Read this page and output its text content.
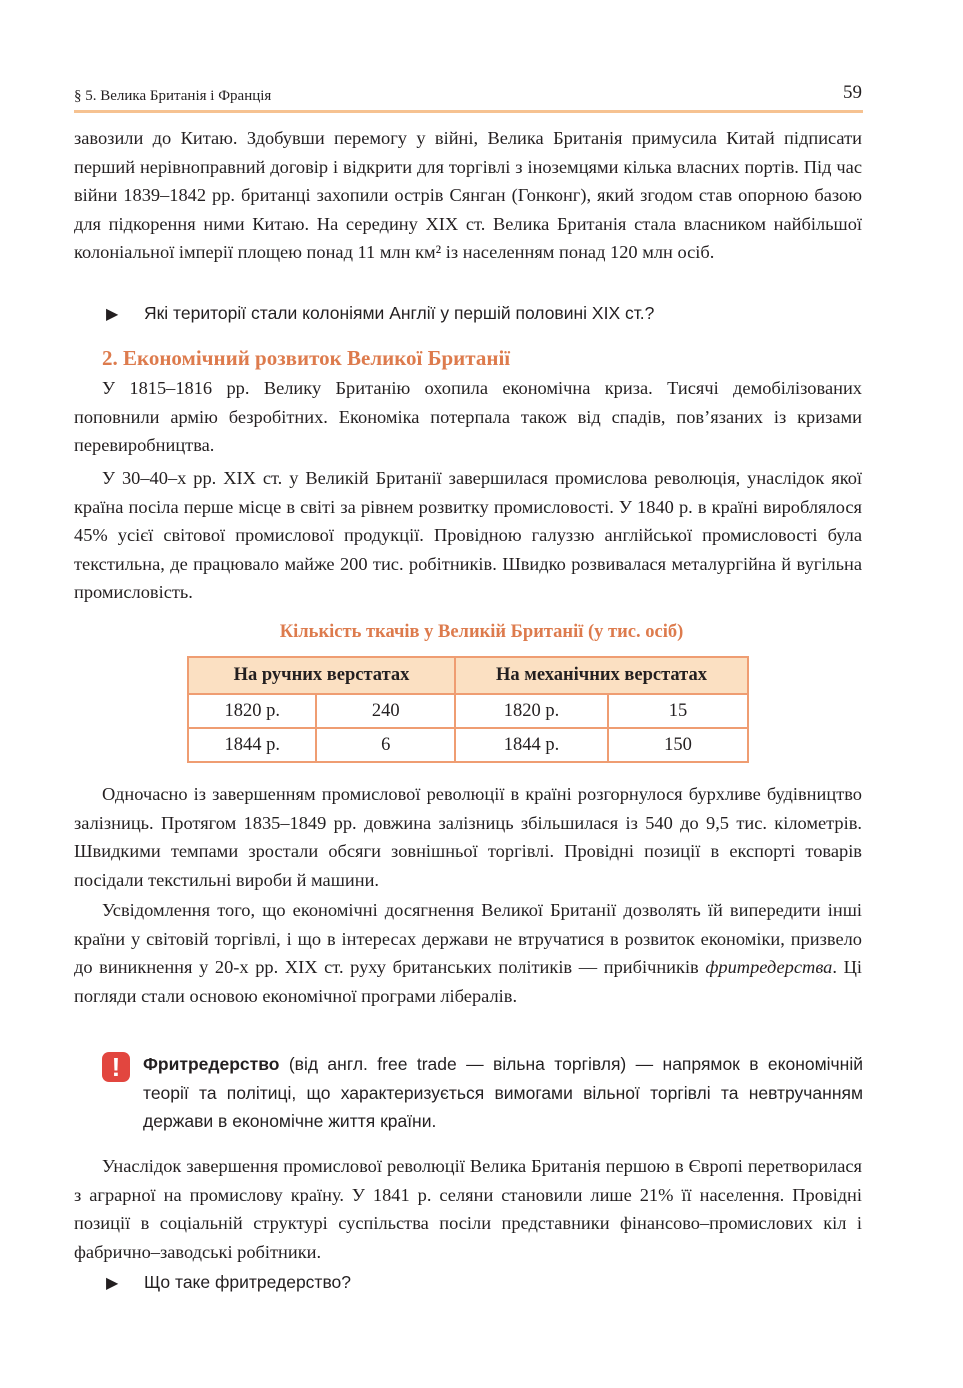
§ 5. Велика Британія і Франція	59

завозили до Китаю. Здобувши перемогу у війні, Велика Британія примусила Китай підписати перший нерівноправний договір і відкрити для торгівлі з іноземцями кілька власних портів. Під час війни 1839–1842 рр. британці захопили острів Сянган (Гонконг), який згодом став опорною базою для підкорення ними Китаю. На середину XIX ст. Велика Британія стала власником найбільшої колоніальної імперії площею понад 11 млн км² із населенням понад 120 млн осіб.

▶ Які території стали колоніями Англії у першій половині XIX ст.?
2. Економічний розвиток Великої Британії

У 1815–1816 рр. Велику Британію охопила економічна криза. Тисячі демобілізованих поповнили армію безробітних. Економіка потерпала також від спадів, пов’язаних із кризами перевиробництва.

У 30–40–х рр. XIX ст. у Великій Британії завершилася промислова революція, унаслідок якої країна посіла перше місце в світі за рівнем розвитку промисловості. У 1840 р. в країні вироблялося 45% усієї світової промислової продукції. Провідною галуззю англійської промисловості була текстильна, де працювало майже 200 тис. робітників. Швидко розвивалася металургійна й вугільна промисловість.

Кількість ткачів у Великій Британії (у тис. осіб)
На ручних верстатах		На механічних верстатах	
1820 р.	240	1820 р.	15
1844 р.	6	1844 р.	150

Одночасно із завершенням промислової революції в країні розгорнулося бурхливе будівництво залізниць. Протягом 1835–1849 рр. довжина залізниць збільшилася із 540 до 9,5 тис. кілометрів. Швидкими темпами зростали обсяги зовнішньої торгівлі. Провідні позиції в експорті товарів посідали текстильні вироби й машини.

Усвідомлення того, що економічні досягнення Великої Британії дозволять їй випередити інші країни у світовій торгівлі, і що в інтересах держави не втручатися в розвиток економіки, призвело до виникнення у 20-х рр. XIX ст. руху британських політиків — прибічників фритредерства. Ці погляди стали основою економічної програми лібералів.

!	Фритредерство (від англ. free trade — вільна торгівля) — напрямок в економічній теорії та політиці, що характеризується вимогами вільної торгівлі та невтручанням держави в економічне життя країни.

Унаслідок завершення промислової революції Велика Британія першою в Європі перетворилася з аграрної на промислову країну. У 1841 р. селяни становили лише 21% її населення. Провідні позиції в соціальній структурі суспільства посіли представники фінансово–промислових кіл і фабрично–заводські робітники.

▶ Що таке фритредерство?
